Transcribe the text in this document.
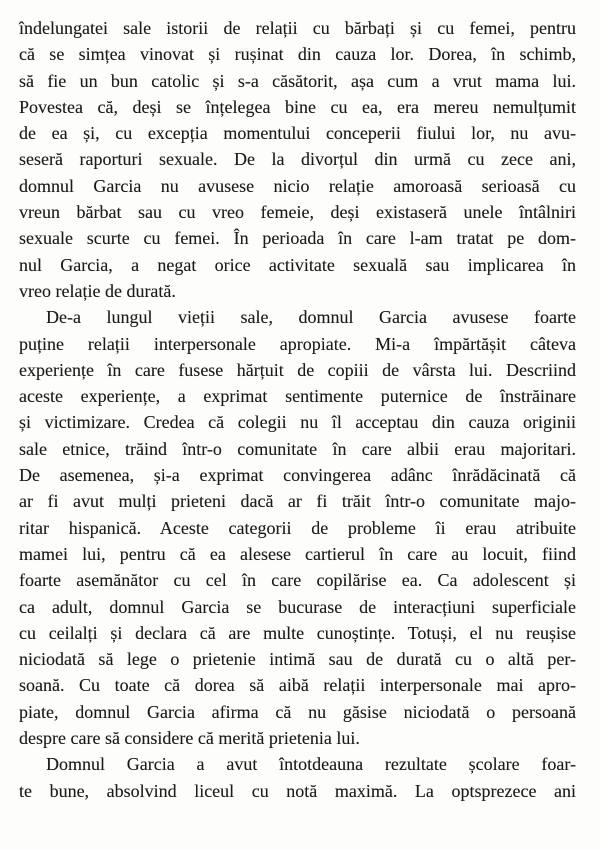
îndelungatei sale istorii de relații cu bărbați și cu femei, pentru
că se simțea vinovat și rușinat din cauza lor. Dorea, în schimb,
să fie un bun catolic și s-a căsătorit, așa cum a vrut mama lui.
Povestea că, deși se înțelegea bine cu ea, era mereu nemulțumit
de ea și, cu excepția momentului conceperii fiului lor, nu avu-
seseră raporturi sexuale. De la divorțul din urmă cu zece ani,
domnul Garcia nu avusese nicio relație amoroasă serioasă cu
vreun bărbat sau cu vreo femeie, deși existaseră unele întâlniri
sexuale scurte cu femei. În perioada în care l-am tratat pe dom-
nul Garcia, a negat orice activitate sexuală sau implicarea în
vreo relație de durată.
De-a lungul vieții sale, domnul Garcia avusese foarte
puține relații interpersonale apropiate. Mi-a împărtășit câteva
experiențe în care fusese hărțuit de copiii de vârsta lui. Descriind
aceste experiențe, a exprimat sentimente puternice de înstrăinare
și victimizare. Credea că colegii nu îl acceptau din cauza originii
sale etnice, trăind într-o comunitate în care albii erau majoritari.
De asemenea, și-a exprimat convingerea adânc înrădăcinată că
ar fi avut mulți prieteni dacă ar fi trăit într-o comunitate majo-
ritar hispanică. Aceste categorii de probleme îi erau atribuite
mamei lui, pentru că ea alesese cartierul în care au locuit, fiind
foarte asemănător cu cel în care copilărise ea. Ca adolescent și
ca adult, domnul Garcia se bucurase de interacțiuni superficiale
cu ceilalți și declara că are multe cunoștințe. Totuși, el nu reușise
niciodată să lege o prietenie intimă sau de durată cu o altă per-
soană. Cu toate că dorea să aibă relații interpersonale mai apro-
piate, domnul Garcia afirma că nu găsise niciodată o persoană
despre care să considere că merită prietenia lui.
Domnul Garcia a avut întotdeauna rezultate școlare foar-
te bune, absolvind liceul cu notă maximă. La optsprezece ani
